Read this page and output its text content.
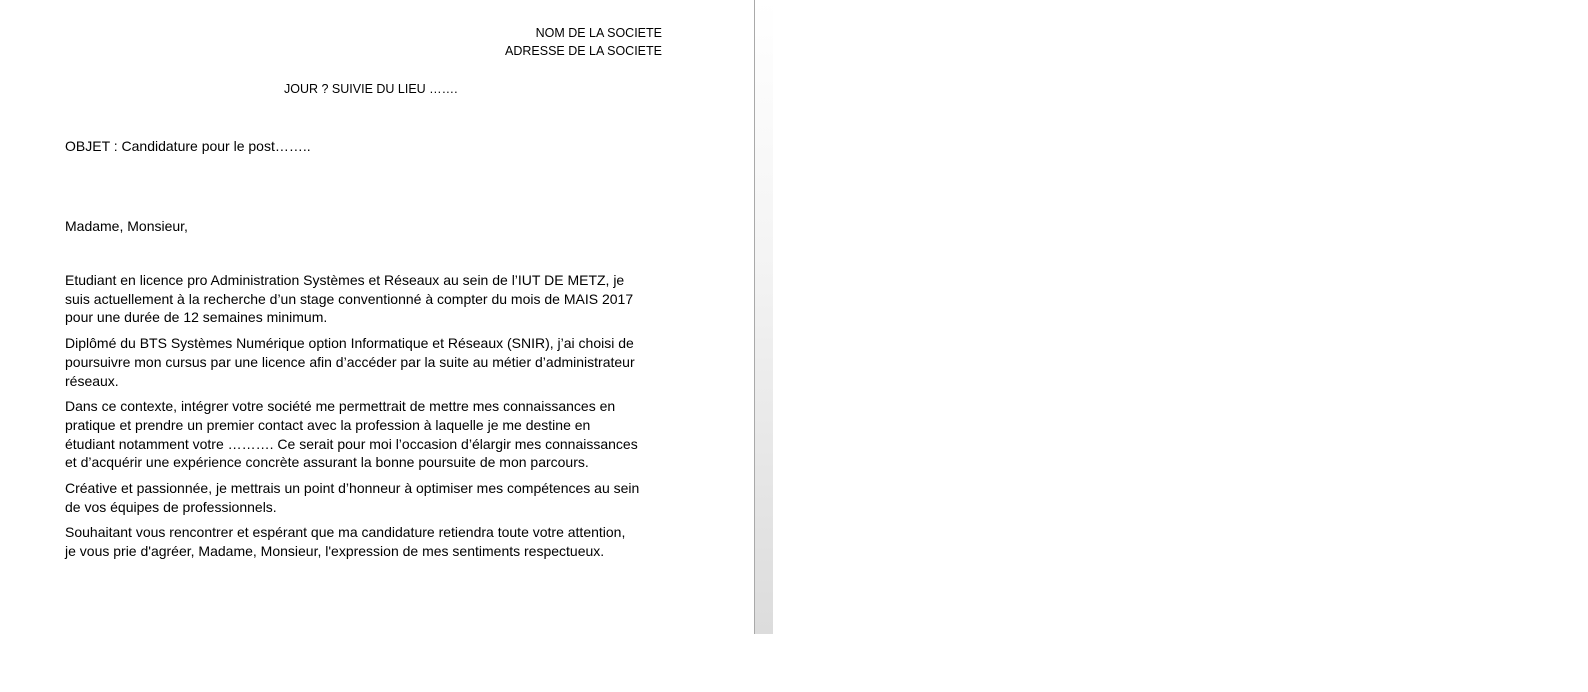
NOM DE LA SOCIETE
ADRESSE DE LA SOCIETE
JOUR ? SUIVIE DU LIEU …….
OBJET : Candidature pour le post……..
Madame, Monsieur,

Etudiant en licence pro Administration Systèmes et Réseaux au sein de l’IUT DE METZ, je
suis actuellement à la recherche d’un stage conventionné à compter du mois de MAIS 2017
pour une durée de 12 semaines minimum.

Diplômé du BTS Systèmes Numérique option Informatique et Réseaux (SNIR), j’ai choisi de
poursuivre mon cursus par une licence afin d’accéder par la suite au métier d’administrateur
réseaux.

Dans ce contexte, intégrer votre société me permettrait de mettre mes connaissances en
pratique et prendre un premier contact avec la profession à laquelle je me destine en
étudiant notamment votre ………. Ce serait pour moi l’occasion d’élargir mes connaissances
et d’acquérir une expérience concrète assurant la bonne poursuite de mon parcours.

Créative et passionnée, je mettrais un point d’honneur à optimiser mes compétences au sein
de vos équipes de professionnels.

Souhaitant vous rencontrer et espérant que ma candidature retiendra toute votre attention,
je vous prie d'agréer, Madame, Monsieur, l'expression de mes sentiments respectueux.
